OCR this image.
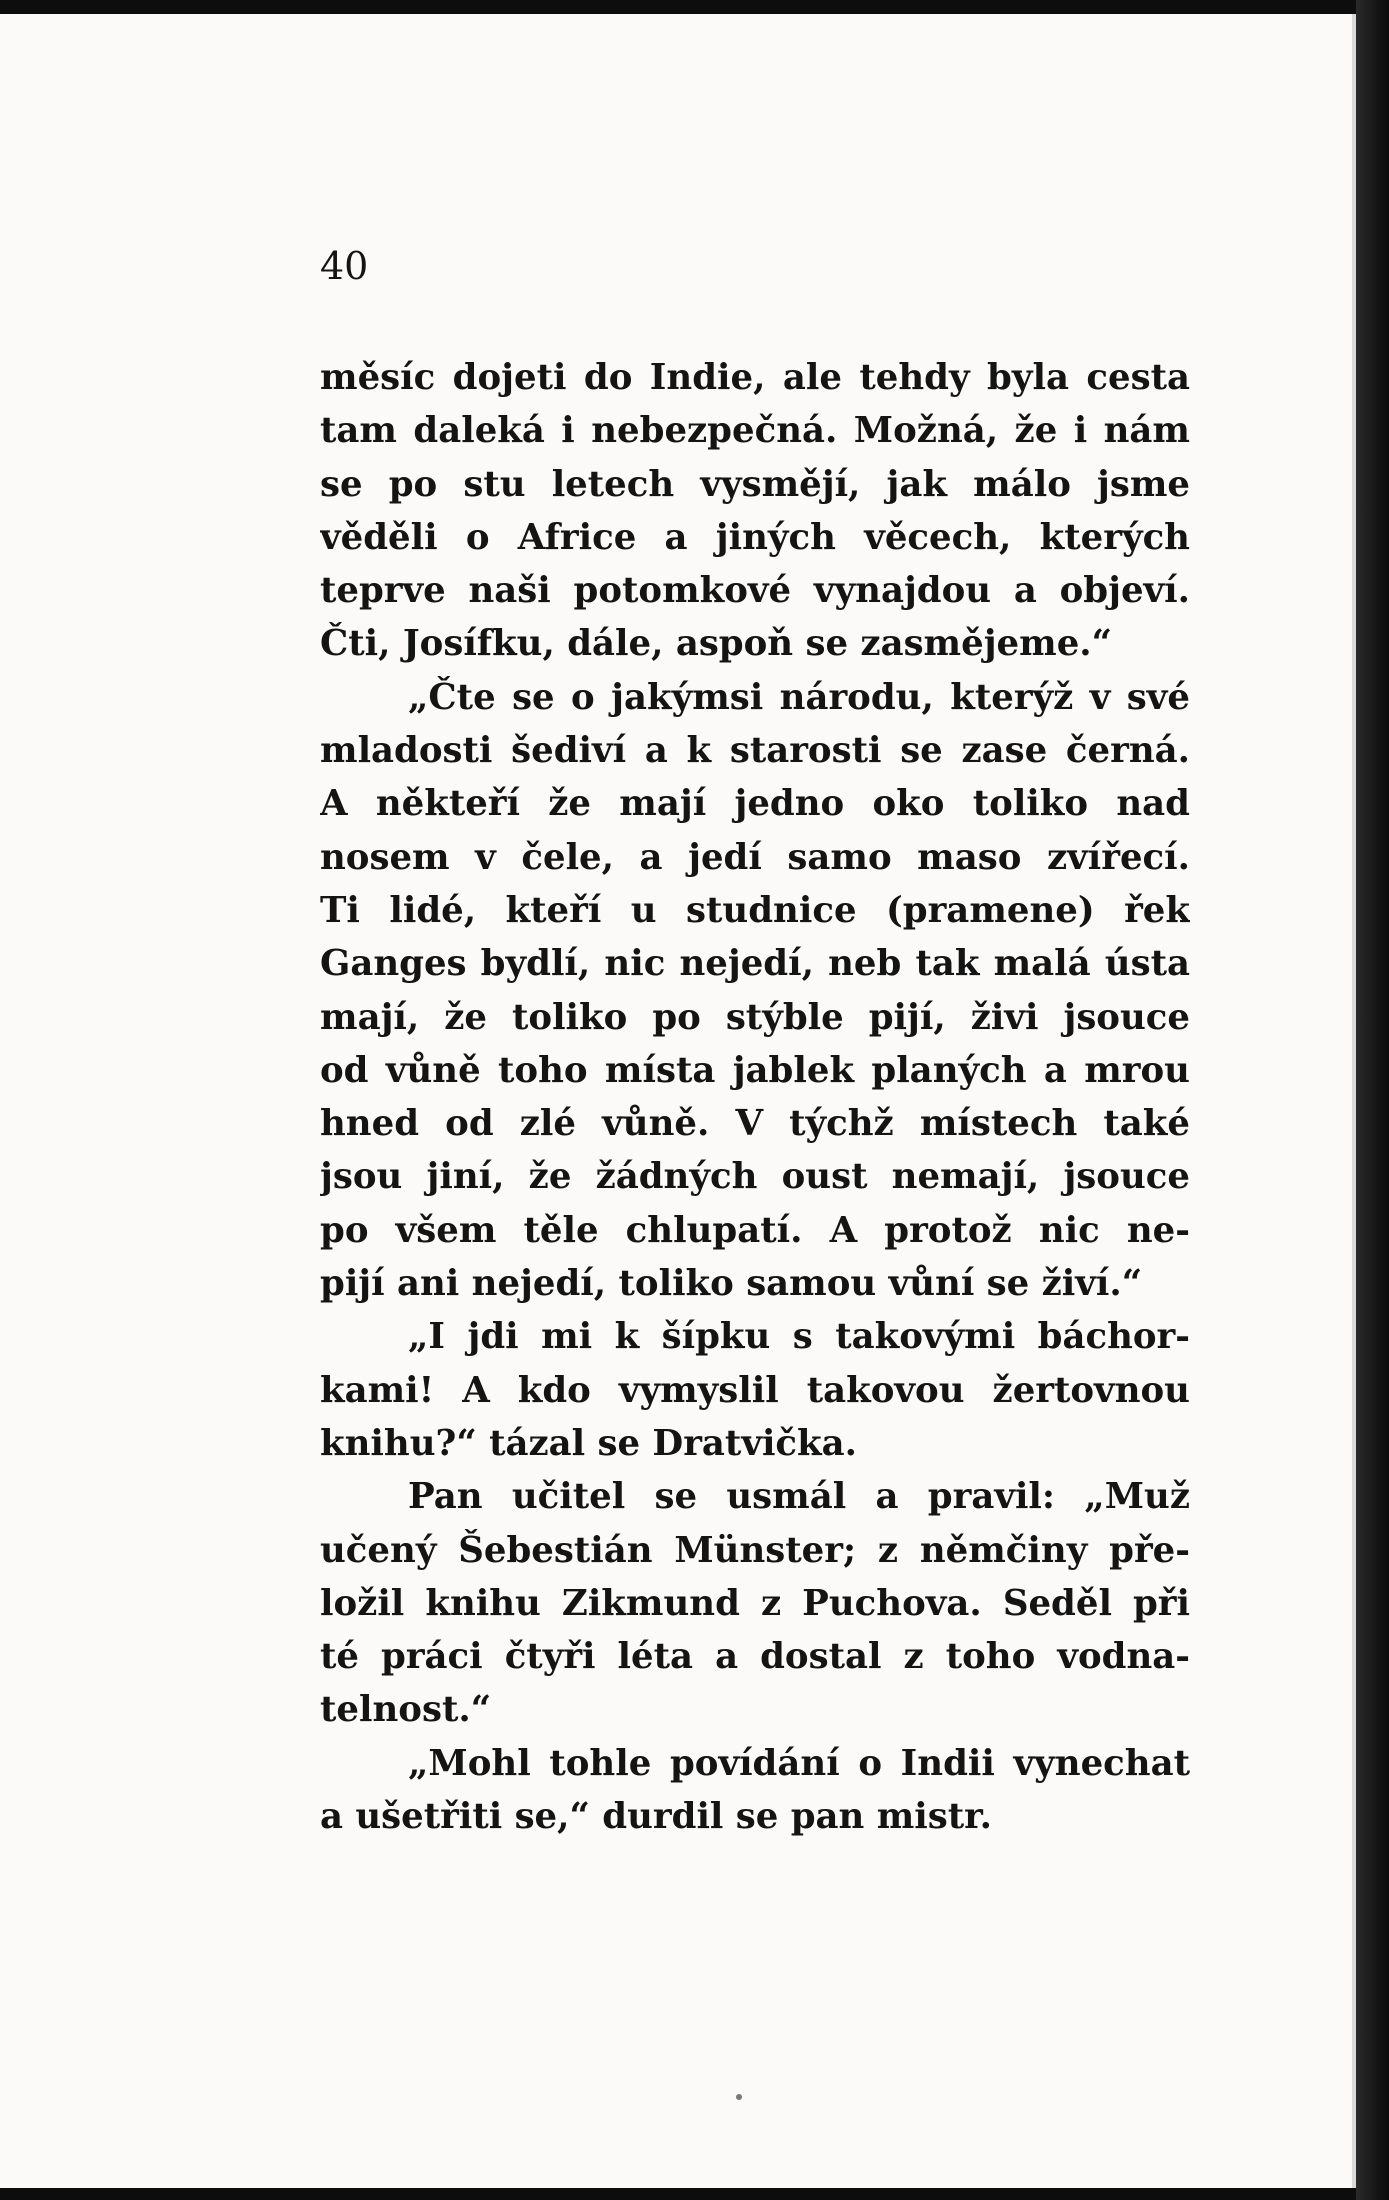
40
měsíc dojeti do Indie, ale tehdy byla cesta
tam daleká i nebezpečná. Možná, že i nám
se po stu letech vysmějí, jak málo jsme
věděli o Africe a jiných věcech, kterých
teprve naši potomkové vynajdou a objeví.
Čti, Josífku, dále, aspoň se zasmějeme.“
„Čte se o jakýmsi národu, kterýž v své
mladosti šediví a k starosti se zase černá.
A někteří že mají jedno oko toliko nad
nosem v čele, a jedí samo maso zvířecí.
Ti lidé, kteří u studnice (pramene) řek
Ganges bydlí, nic nejedí, neb tak malá ústa
mají, že toliko po stýble pijí, živi jsouce
od vůně toho místa jablek planých a mrou
hned od zlé vůně. V týchž místech také
jsou jiní, že žádných oust nemají, jsouce
po všem těle chlupatí. A protož nic ne-
pijí ani nejedí, toliko samou vůní se živí.“
„I jdi mi k šípku s takovými báchor-
kami! A kdo vymyslil takovou žertovnou
knihu?“ tázal se Dratvička.
Pan učitel se usmál a pravil: „Muž
učený Šebestián Münster; z němčiny pře-
ložil knihu Zikmund z Puchova. Seděl při
té práci čtyři léta a dostal z toho vodna-
telnost.“
„Mohl tohle povídání o Indii vynechat
a ušetřiti se,“ durdil se pan mistr.
